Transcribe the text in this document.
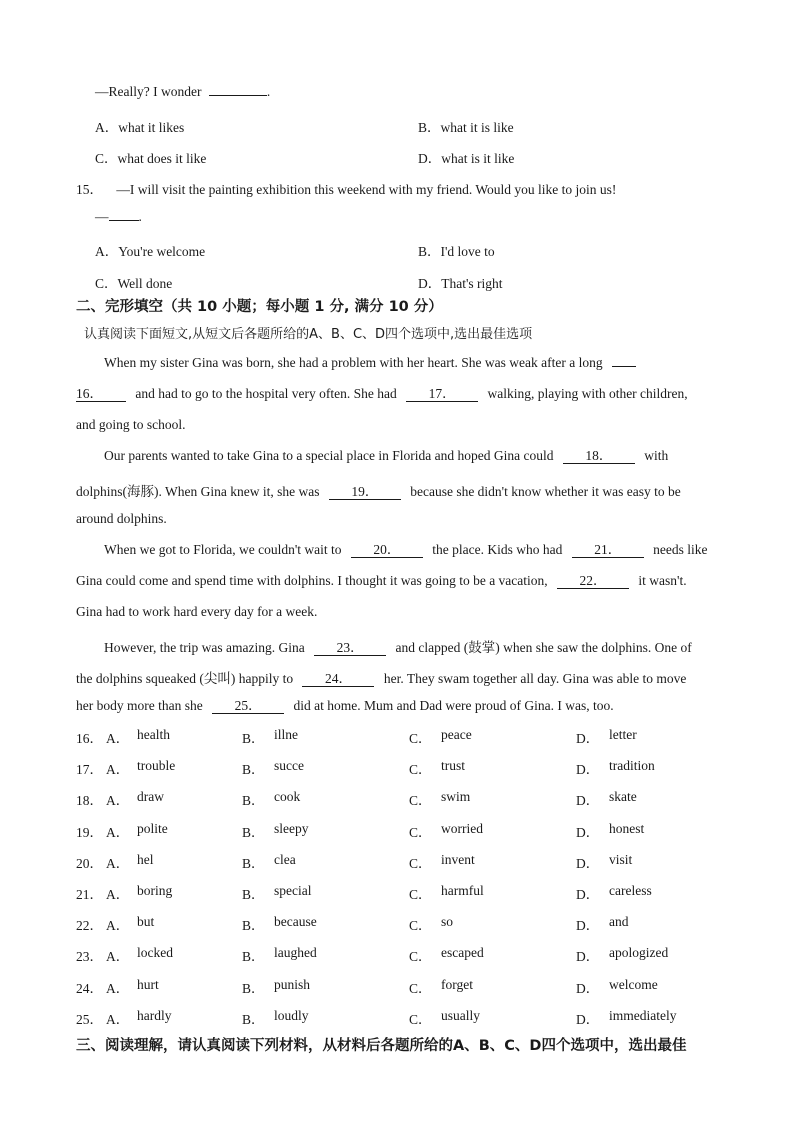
—Really? I wonder	.
A．what it likes	B．what it is like
C．what does it like	D．what is it like
15． —I will visit the painting exhibition this weekend with my friend. Would you like to join us!
— .
A．You're welcome	B．I'd love to
C．Well done	D．That's right
二、完形填空（共 10 小题；每小题 1 分, 满分 10 分）
认真阅读下面短文,从短文后各题所给的A、B、C、D四个选项中,选出最佳选项
When my sister Gina was born, she had a problem with her heart. She was weak after a long
16． and had to go to the hospital very often. She had 17． walking, playing with other children,
and going to school.
Our parents wanted to take Gina to a special place in Florida and hoped Gina could 18． with
dolphins(海豚). When Gina knew it, she was 19． because she didn't know whether it was easy to be
around dolphins.
When we got to Florida, we couldn't wait to 20． the place. Kids who had 21． needs like
Gina could come and spend time with dolphins. I thought it was going to be a vacation, 22． it wasn't.
Gina had to work hard every day for a week.
However, the trip was amazing. Gina 23． and clapped (鼓掌) when she saw the dolphins. One of
the dolphins squeaked (尖叫) happily to 24． her. They swam together all day. Gina was able to move
her body more than she 25． did at home. Mum and Dad were proud of Gina. I was, too.
16． A． health	B． illne	C． peace	D． letter
17． A． trouble	B． succe	C． trust	D． tradition
18． A． draw	B． cook	C． swim	D． skate
19． A． polite	B． sleepy	C． worried	D． honest
20． A． hel	B． clea	C． invent	D． visit
21． A． boring	B． special	C． harmful	D． careless
22． A． but	B． because	C． so	D． and
23． A． locked	B． laughed	C． escaped	D． apologized
24． A． hurt	B． punish	C． forget	D． welcome
25． A． hardly	B． loudly	C． usually	D． immediately
三、阅读理解，请认真阅读下列材料，从材料后各题所给的A、B、C、D四个选项中，选出最佳
